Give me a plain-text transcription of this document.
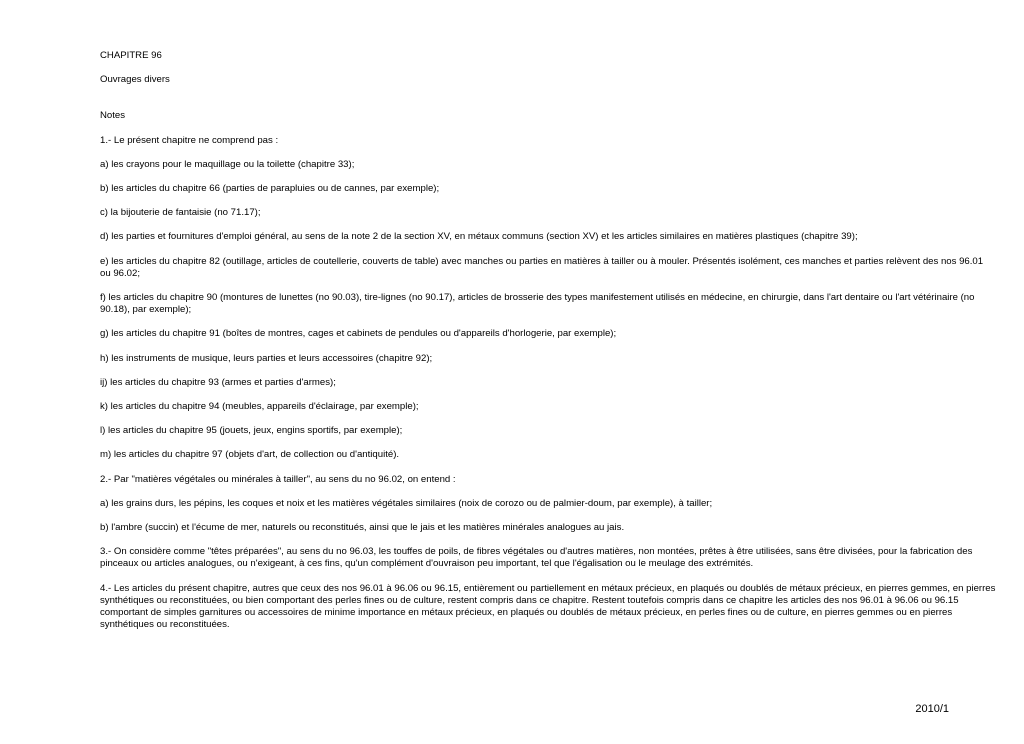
CHAPITRE 96
Ouvrages divers
Notes
1.- Le présent chapitre ne comprend pas :
a) les crayons pour le maquillage ou la toilette (chapitre 33);
b) les articles du chapitre 66 (parties de parapluies ou de cannes, par exemple);
c) la bijouterie de fantaisie (no 71.17);
d) les parties et fournitures d'emploi général, au sens de la note 2 de la section XV, en métaux communs (section XV) et les articles similaires en matières plastiques (chapitre 39);
e) les articles du chapitre 82 (outillage, articles de coutellerie, couverts de table) avec manches ou parties en matières à tailler ou à mouler. Présentés isolément, ces manches et parties relèvent des nos 96.01 ou 96.02;
f) les articles du chapitre 90 (montures de lunettes (no 90.03), tire-lignes (no 90.17), articles de brosserie des types manifestement utilisés en médecine, en chirurgie, dans l'art dentaire ou l'art vétérinaire (no 90.18), par exemple);
g) les articles du chapitre 91 (boîtes de montres, cages et cabinets de pendules ou d'appareils d'horlogerie, par exemple);
h) les instruments de musique, leurs parties et leurs accessoires (chapitre 92);
ij) les articles du chapitre 93 (armes et parties d'armes);
k) les articles du chapitre 94 (meubles, appareils d'éclairage, par exemple);
l) les articles du chapitre 95 (jouets, jeux, engins sportifs, par exemple);
m) les articles du chapitre 97 (objets d'art, de collection ou d'antiquité).
2.- Par "matières végétales ou minérales à tailler", au sens du no 96.02, on entend :
a) les grains durs, les pépins, les coques et noix et les matières végétales similaires (noix de corozo ou de palmier-doum, par exemple), à tailler;
b) l'ambre (succin) et l'écume de mer, naturels ou reconstitués, ainsi que le jais et les matières minérales analogues au jais.
3.- On considère comme "têtes préparées", au sens du no 96.03, les touffes de poils, de fibres végétales ou d'autres matières, non montées, prêtes à être utilisées, sans être divisées, pour la fabrication des pinceaux ou articles analogues, ou n'exigeant, à ces fins, qu'un complément d'ouvraison peu important, tel que l'égalisation ou le meulage des extrémités.
4.- Les articles du présent chapitre, autres que ceux des nos 96.01 à 96.06 ou 96.15, entièrement ou partiellement en métaux précieux, en plaqués ou doublés de métaux précieux, en pierres gemmes, en pierres synthétiques ou reconstituées, ou bien comportant des perles fines ou de culture, restent compris dans ce chapitre. Restent toutefois compris dans ce chapitre les articles des nos 96.01 à 96.06 ou 96.15 comportant de simples garnitures ou accessoires de minime importance en métaux précieux, en plaqués ou doublés de métaux précieux, en perles fines ou de culture, en pierres gemmes ou en pierres synthétiques ou reconstituées.
2010/1
